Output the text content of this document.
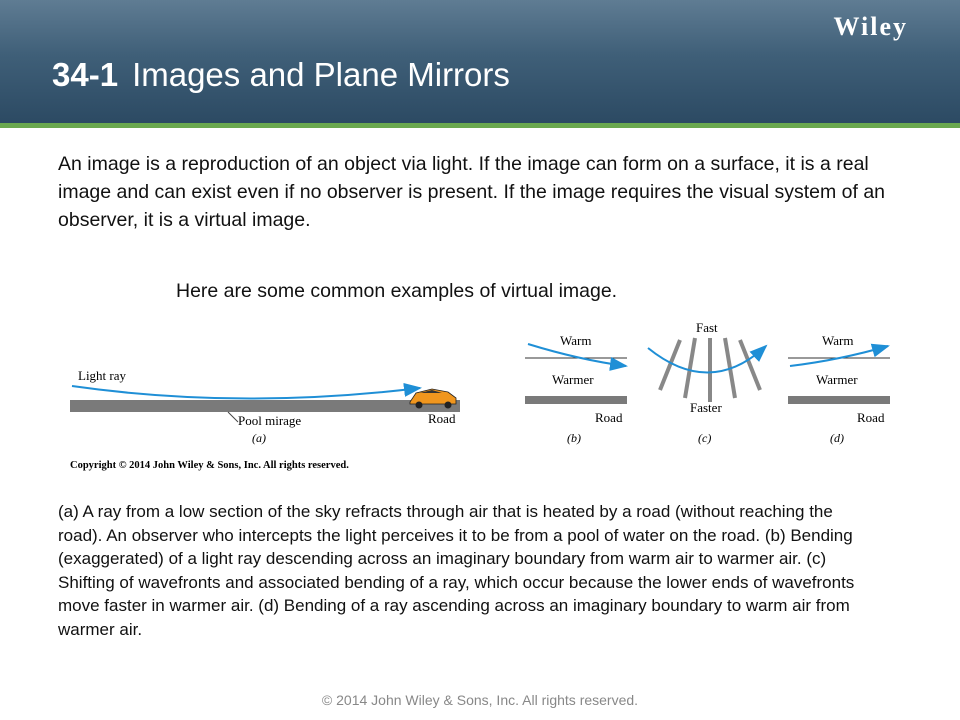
Wiley
34-1 Images and Plane Mirrors
An image is a reproduction of an object via light. If the image can form on a surface, it is a real image and can exist even if no observer is present. If the image requires the visual system of an observer, it is a virtual image.
Here are some common examples of virtual image.
Light ray
Pool mirage	Road
(a)
Copyright © 2014 John Wiley & Sons, Inc. All rights reserved.
Warm
Warmer
Road
(b)
Fast
Faster
(c)
Warm
Warmer
Road
(d)
(a) A ray from a low section of the sky refracts through air that is heated by a road (without reaching the road). An observer who intercepts the light perceives it to be from a pool of water on the road. (b) Bending (exaggerated) of a light ray descending across an imaginary boundary from warm air to warmer air. (c) Shifting of wavefronts and associated bending of a ray, which occur because the lower ends of wavefronts move faster in warmer air. (d) Bending of a ray ascending across an imaginary boundary to warm air from warmer air.
© 2014 John Wiley & Sons, Inc. All rights reserved.
